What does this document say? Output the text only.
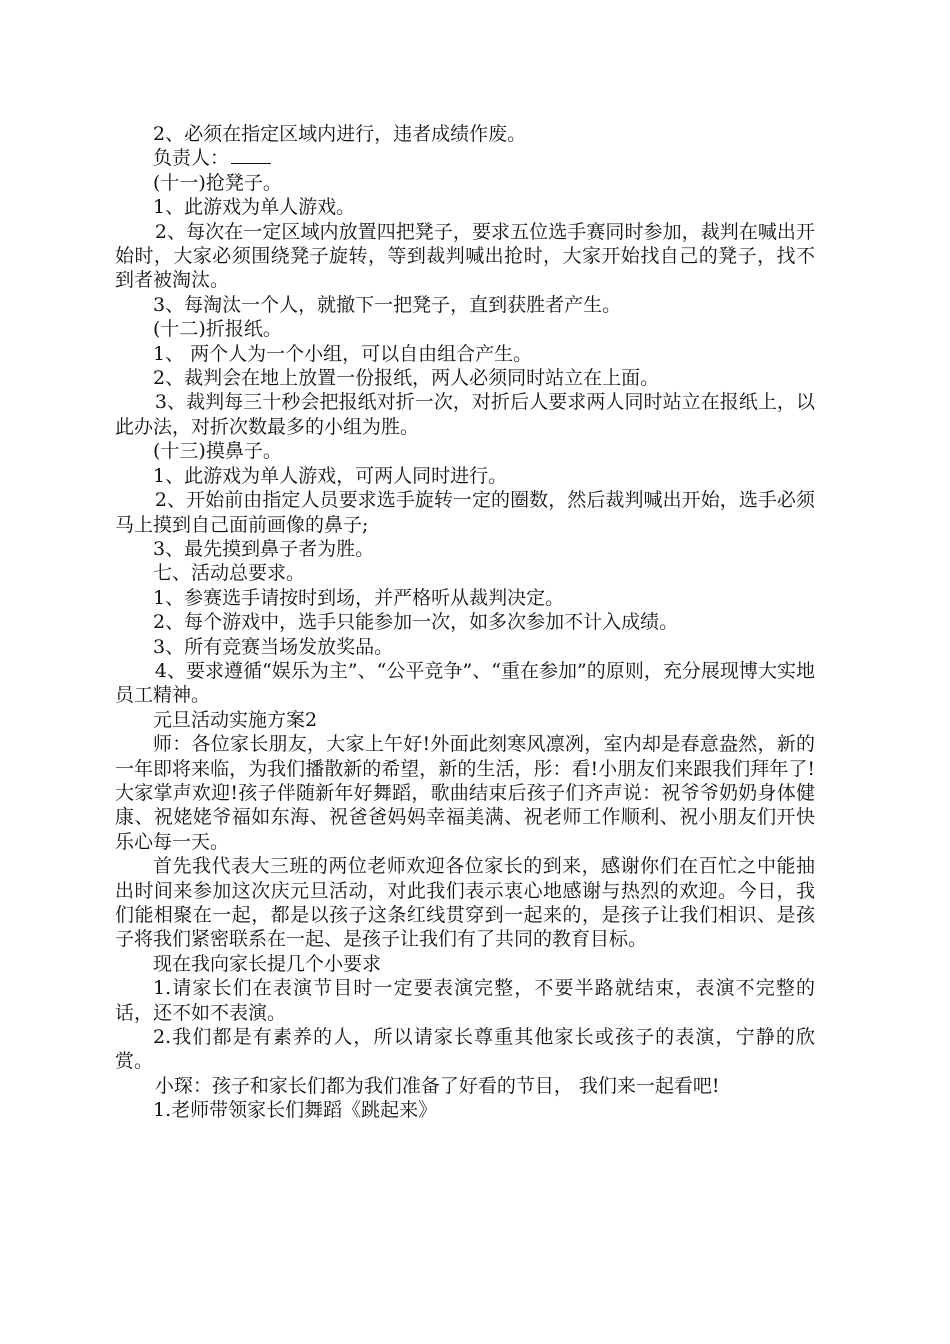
2、必须在指定区域内进行，违者成绩作废。

负责人：

(十一)抢凳子。

1、此游戏为单人游戏。

2、每次在一定区域内放置四把凳子，要求五位选手赛同时参加，裁判在喊出开始时，大家必须围绕凳子旋转，等到裁判喊出抢时，大家开始找自己的凳子，找不到者被淘汰。

3、每淘汰一个人，就撤下一把凳子，直到获胜者产生。

(十二)折报纸。

1、 两个人为一个小组，可以自由组合产生。

2、裁判会在地上放置一份报纸，两人必须同时站立在上面。

3、裁判每三十秒会把报纸对折一次，对折后人要求两人同时站立在报纸上，以此办法，对折次数最多的小组为胜。

(十三)摸鼻子。

1、此游戏为单人游戏，可两人同时进行。

2、开始前由指定人员要求选手旋转一定的圈数，然后裁判喊出开始，选手必须马上摸到自己面前画像的鼻子;

3、最先摸到鼻子者为胜。

七、活动总要求。

1、参赛选手请按时到场，并严格听从裁判决定。

2、每个游戏中，选手只能参加一次，如多次参加不计入成绩。

3、所有竞赛当场发放奖品。

4、要求遵循“娱乐为主”、“公平竞争”、“重在参加”的原则，充分展现博大实地员工精神。

元旦活动实施方案2

师：各位家长朋友，大家上午好!外面此刻寒风凛冽，室内却是春意盎然，新的一年即将来临，为我们播散新的希望，新的生活，彤：看!小朋友们来跟我们拜年了!大家掌声欢迎!孩子伴随新年好舞蹈，歌曲结束后孩子们齐声说：祝爷爷奶奶身体健康、祝姥姥爷福如东海、祝爸爸妈妈幸福美满、祝老师工作顺利、祝小朋友们开快乐心每一天。

首先我代表大三班的两位老师欢迎各位家长的到来，感谢你们在百忙之中能抽出时间来参加这次庆元旦活动，对此我们表示衷心地感谢与热烈的欢迎。今日，我们能相聚在一起，都是以孩子这条红线贯穿到一起来的，是孩子让我们相识、是孩子将我们紧密联系在一起、是孩子让我们有了共同的教育目标。

现在我向家长提几个小要求

1.请家长们在表演节目时一定要表演完整，不要半路就结束，表演不完整的话，还不如不表演。

2.我们都是有素养的人，所以请家长尊重其他家长或孩子的表演，宁静的欣赏。

小琛：孩子和家长们都为我们准备了好看的节目， 我们来一起看吧!

1.老师带领家长们舞蹈《跳起来》
